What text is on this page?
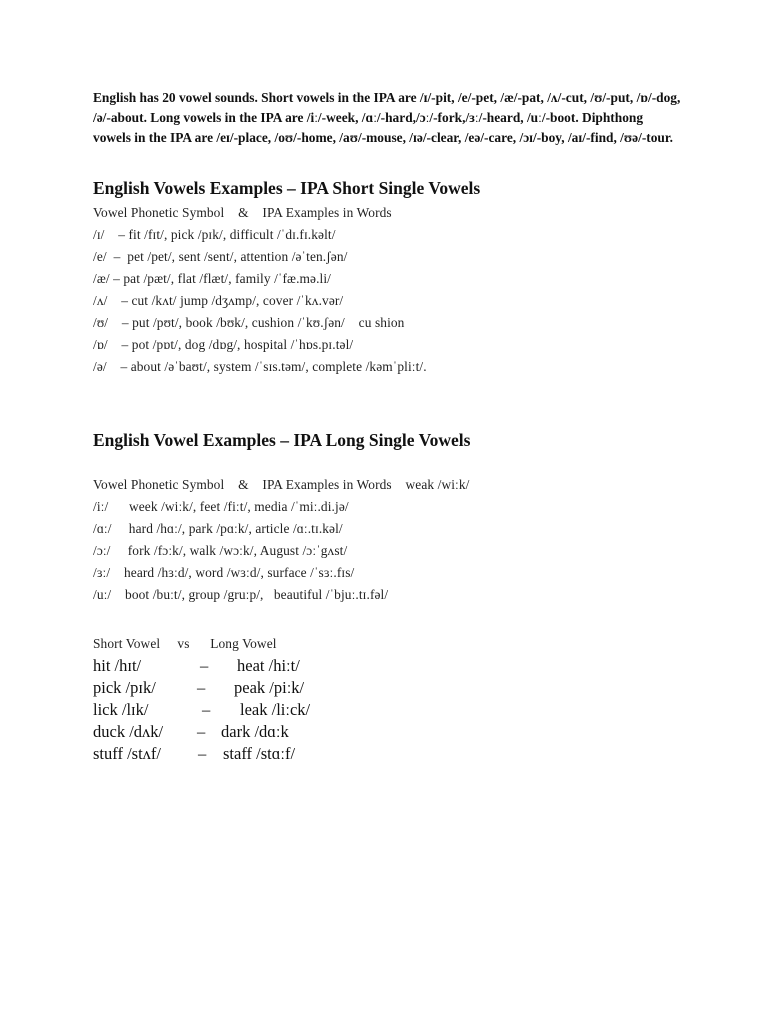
English has 20 vowel sounds. Short vowels in the IPA are /ɪ/-pit, /e/-pet, /æ/-pat, /ʌ/-cut, /ʊ/-put, /ɒ/-dog, /ə/-about. Long vowels in the IPA are /iː/-week, /ɑː/-hard,/ɔː/-fork,/ɜː/-heard, /uː/-boot. Diphthong vowels in the IPA are /eɪ/-place, /oʊ/-home, /aʊ/-mouse, /ɪə/-clear, /eə/-care, /ɔɪ/-boy, /aɪ/-find, /ʊə/-tour.
English Vowels Examples – IPA Short Single Vowels
Vowel Phonetic Symbol    &    IPA Examples in Words
/ɪ/    – fit /fɪt/, pick /pɪk/, difficult /ˈdɪ.fɪ.kəlt/
/e/  –  pet /pet/, sent /sent/, attention /əˈten.ʃən/
/æ/ – pat /pæt/, flat /flæt/, family /ˈfæ.mə.li/
/ʌ/    – cut /kʌt/ jump /dʒʌmp/, cover /ˈkʌ.vər/
/ʊ/    – put /pʊt/, book /bʊk/, cushion /ˈkʊ.ʃən/    cu shion
/ɒ/    – pot /pɒt/, dog /dɒg/, hospital /ˈhɒs.pɪ.təl/
/ə/    – about /əˈbaʊt/, system /ˈsɪs.təm/, complete /kəmˈpliːt/.
English Vowel Examples – IPA Long Single Vowels
Vowel Phonetic Symbol    &    IPA Examples in Words    weak /wiːk/
/iː/      week /wiːk/, feet /fiːt/, media /ˈmiː.di.jə/
/ɑː/     hard /hɑː/, park /pɑːk/, article /ɑː.tɪ.kəl/
/ɔː/     fork /fɔːk/, walk /wɔːk/, August /ɔːˈgʌst/
/ɜː/    heard /hɜːd/, word /wɜːd/, surface /ˈsɜː.fɪs/
/uː/    boot /buːt/, group /gruːp/,   beautiful /ˈbjuː.tɪ.fəl/
Short Vowel     vs      Long Vowel
hit /hɪt/	– heat /hiːt/
pick /pɪk/ – peak /piːk/
lick /lɪk/	– leak /liːck/
duck /dʌk/ – dark /dɑːk
stuff /stʌf/ – staff /stɑːf/
